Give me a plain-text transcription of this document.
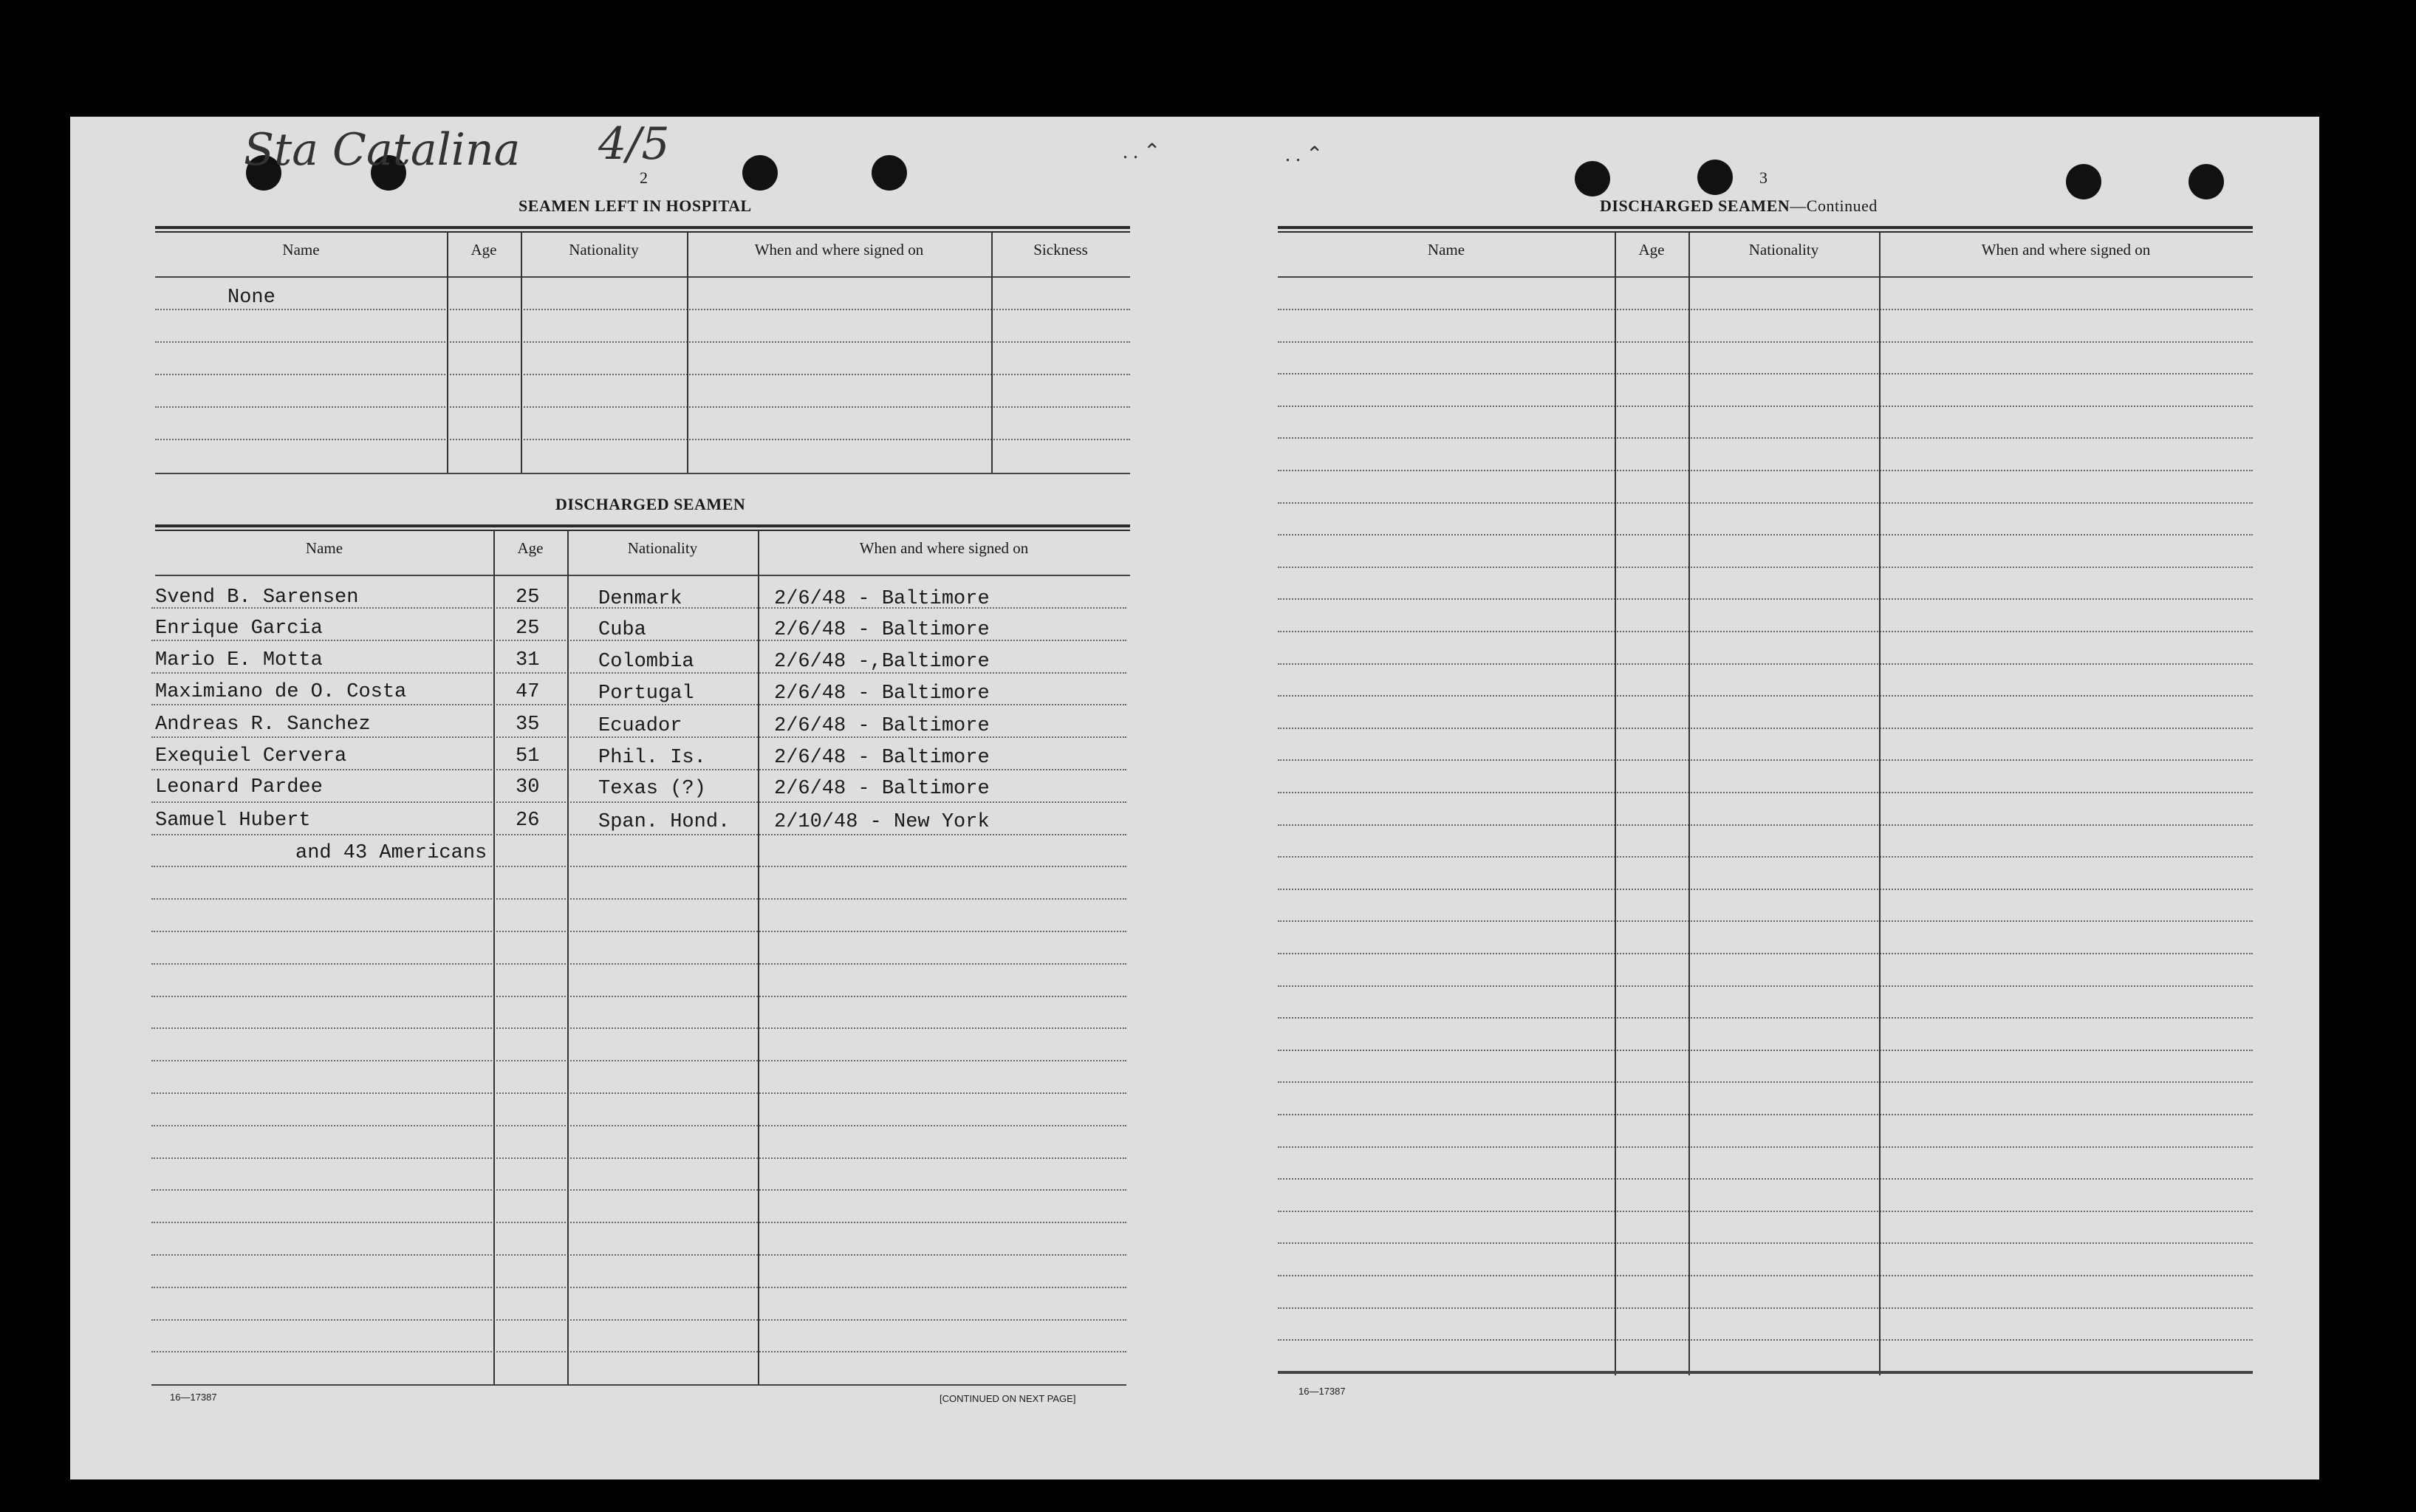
Sta Catalina 4/5	. . ⌃	. . ⌃
2
SEAMEN LEFT IN HOSPITAL
Name	Age	Nationality	When and where signed on	Sickness
None
DISCHARGED SEAMEN
Name	Age	Nationality	When and where signed on
Svend B. Sarensen	25	Denmark	2/6/48 - Baltimore
Enrique Garcia	25	Cuba	2/6/48 - Baltimore
Mario E. Motta	31	Colombia	2/6/48 -,Baltimore
Maximiano de O. Costa	47	Portugal	2/6/48 - Baltimore
Andreas R. Sanchez	35	Ecuador	2/6/48 - Baltimore
Exequiel Cervera	51	Phil. Is.	2/6/48 - Baltimore
Leonard Pardee	30	Texas (?)	2/6/48 - Baltimore
Samuel Hubert	26	Span. Hond. 2/10/48 - New York
and 43 Americans
16—17387	[CONTINUED ON NEXT PAGE]
3
DISCHARGED SEAMEN—Continued
Name	Age	Nationality	When and where signed on
16—17387
